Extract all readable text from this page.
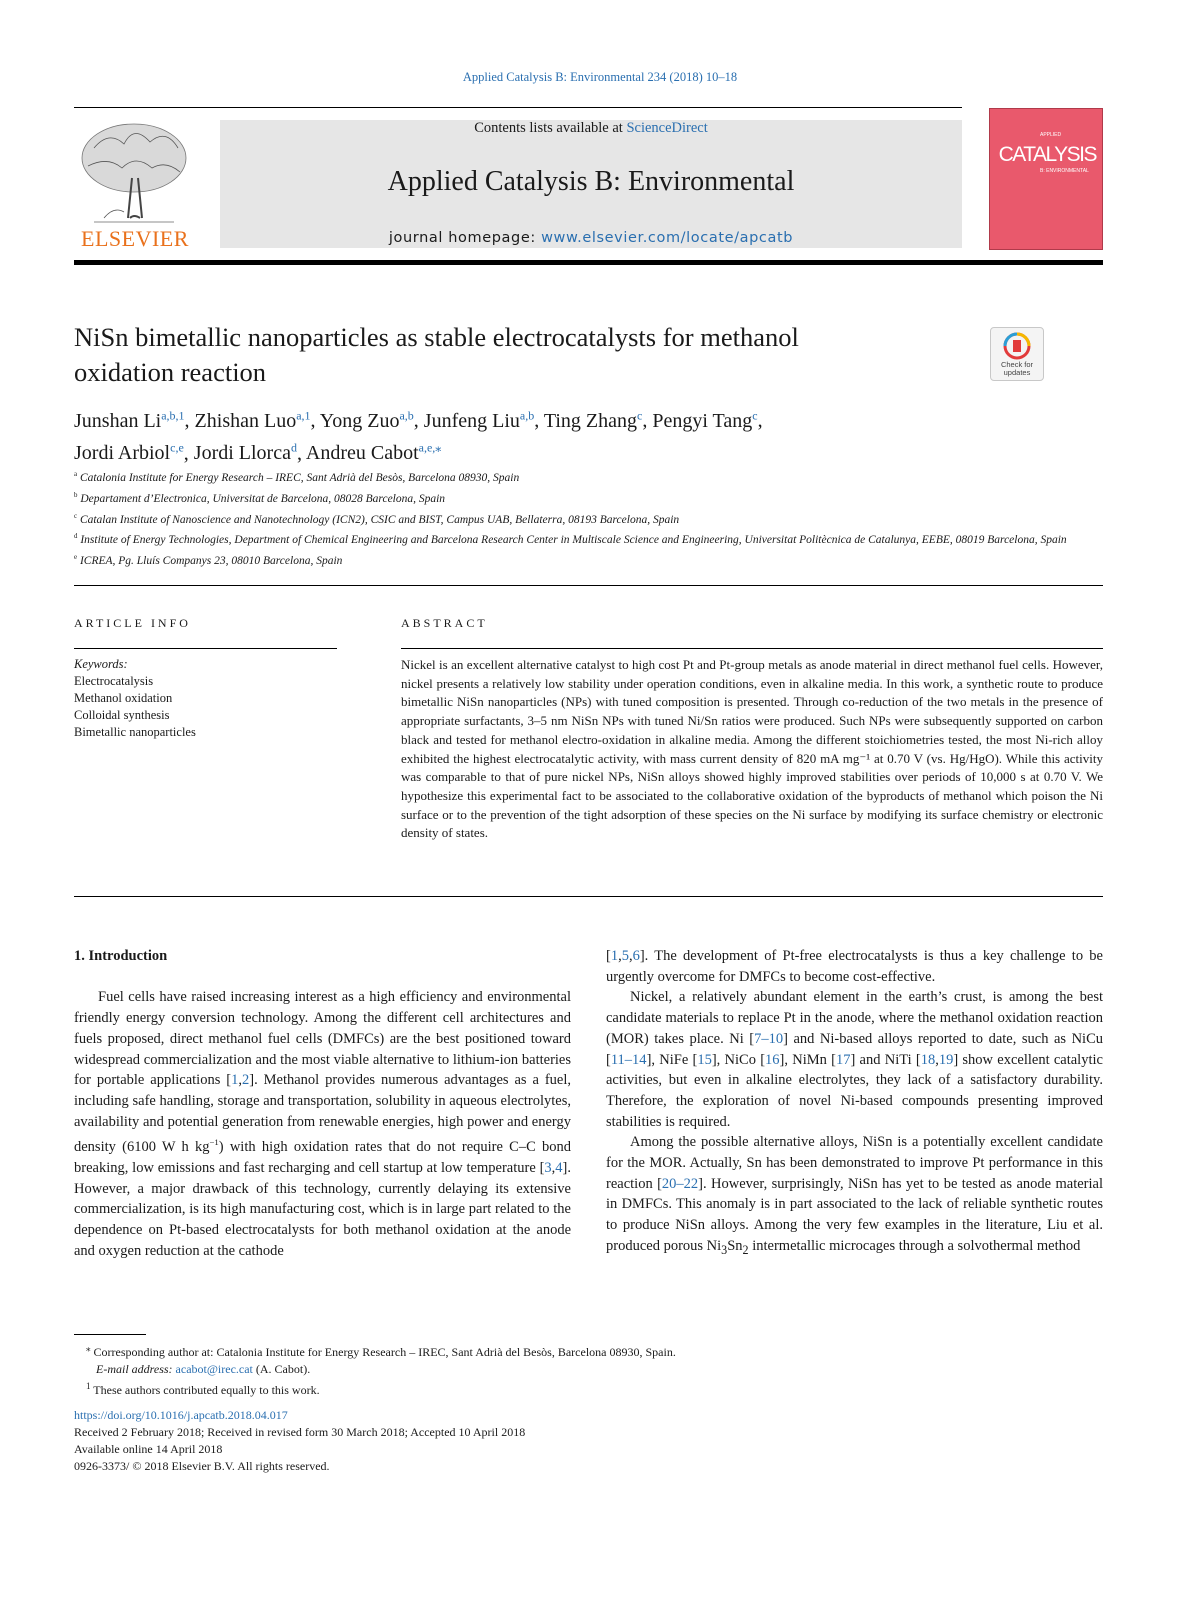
Applied Catalysis B: Environmental 234 (2018) 10–18
ELSEVIER
Contents lists available at ScienceDirect
Applied Catalysis B: Environmental
journal homepage: www.elsevier.com/locate/apcatb
APPLIED
CATALYSIS
B: ENVIRONMENTAL
NiSn bimetallic nanoparticles as stable electrocatalysts for methanol
oxidation reaction	Check for updates
Junshan Li$^{a,b,1}$, Zhishan Luo$^{a,1}$, Yong Zuo$^{a,b}$, Junfeng Liu$^{a,b}$, Ting Zhang$^c$, Pengyi Tang$^c$,
Jordi Arbiol$^{c,e}$, Jordi Llorca$^d$, Andreu Cabot$^{a,e,⁎}$
$^a$ Catalonia Institute for Energy Research – IREC, Sant Adrià del Besòs, Barcelona 08930, Spain
$^b$ Departament d’Electronica, Universitat de Barcelona, 08028 Barcelona, Spain
$^c$ Catalan Institute of Nanoscience and Nanotechnology (ICN2), CSIC and BIST, Campus UAB, Bellaterra, 08193 Barcelona, Spain
$^d$ Institute of Energy Technologies, Department of Chemical Engineering and Barcelona Research Center in Multiscale Science and Engineering, Universitat Politècnica de Catalunya, EEBE, 08019 Barcelona, Spain
$^e$ ICREA, Pg. Lluís Companys 23, 08010 Barcelona, Spain
ARTICLE INFO	ABSTRACT
Keywords:
Electrocatalysis
Methanol oxidation
Colloidal synthesis
Bimetallic nanoparticles
Nickel is an excellent alternative catalyst to high cost Pt and Pt-group metals as anode material in direct methanol fuel cells. However, nickel presents a relatively low stability under operation conditions, even in alkaline media. In this work, a synthetic route to produce bimetallic NiSn nanoparticles (NPs) with tuned composition is presented. Through co-reduction of the two metals in the presence of appropriate surfactants, 3–5 nm NiSn NPs with tuned Ni/Sn ratios were produced. Such NPs were subsequently supported on carbon black and tested for methanol electro-oxidation in alkaline media. Among the different stoichiometries tested, the most Ni-rich alloy exhibited the highest electrocatalytic activity, with mass current density of 820 mA mg⁻¹ at 0.70 V (vs. Hg/HgO). While this activity was comparable to that of pure nickel NPs, NiSn alloys showed highly improved stabilities over periods of 10,000 s at 0.70 V. We hypothesize this experimental fact to be associated to the collaborative oxidation of the byproducts of methanol which poison the Ni surface or to the prevention of the tight adsorption of these species on the Ni surface by modifying its surface chemistry or electronic density of states.

1. Introduction

Fuel cells have raised increasing interest as a high efficiency and environmental friendly energy conversion technology. Among the different cell architectures and fuels proposed, direct methanol fuel cells (DMFCs) are the best positioned toward widespread commercialization and the most viable alternative to lithium-ion batteries for portable applications [1,2]. Methanol provides numerous advantages as a fuel, including safe handling, storage and transportation, solubility in aqueous electrolytes, availability and potential generation from renewable energies, high power and energy density (6100 W h $kg^{-1}$) with high oxidation rates that do not require C–C bond breaking, low emissions and fast recharging and cell startup at low temperature [3,4]. However, a major drawback of this technology, currently delaying its extensive commercialization, is its high manufacturing cost, which is in large part related to the dependence on Pt-based electrocatalysts for both methanol oxidation at the anode and oxygen reduction at the cathode

[1,5,6]. The development of Pt-free electrocatalysts is thus a key challenge to be urgently overcome for DMFCs to become cost-effective.

Nickel, a relatively abundant element in the earth’s crust, is among the best candidate materials to replace Pt in the anode, where the methanol oxidation reaction (MOR) takes place. Ni [7–10] and Ni-based alloys reported to date, such as NiCu [11–14], NiFe [15], NiCo [16], NiMn [17] and NiTi [18,19] show excellent catalytic activities, but even in alkaline electrolytes, they lack of a satisfactory durability. Therefore, the exploration of novel Ni-based compounds presenting improved stabilities is required.

Among the possible alternative alloys, NiSn is a potentially excellent candidate for the MOR. Actually, Sn has been demonstrated to improve Pt performance in this reaction [20–22]. However, surprisingly, NiSn has yet to be tested as anode material in DMFCs. This anomaly is in part associated to the lack of reliable synthetic routes to produce NiSn alloys. Among the very few examples in the literature, Liu et al. produced porous $Ni_3Sn_2$ intermetallic microcages through a solvothermal method

⁎ Corresponding author at: Catalonia Institute for Energy Research – IREC, Sant Adrià del Besòs, Barcelona 08930, Spain.
E-mail address: acabot@irec.cat (A. Cabot).
$^1$ These authors contributed equally to this work.
https://doi.org/10.1016/j.apcatb.2018.04.017
Received 2 February 2018; Received in revised form 30 March 2018; Accepted 10 April 2018
Available online 14 April 2018
0926-3373/ © 2018 Elsevier B.V. All rights reserved.
